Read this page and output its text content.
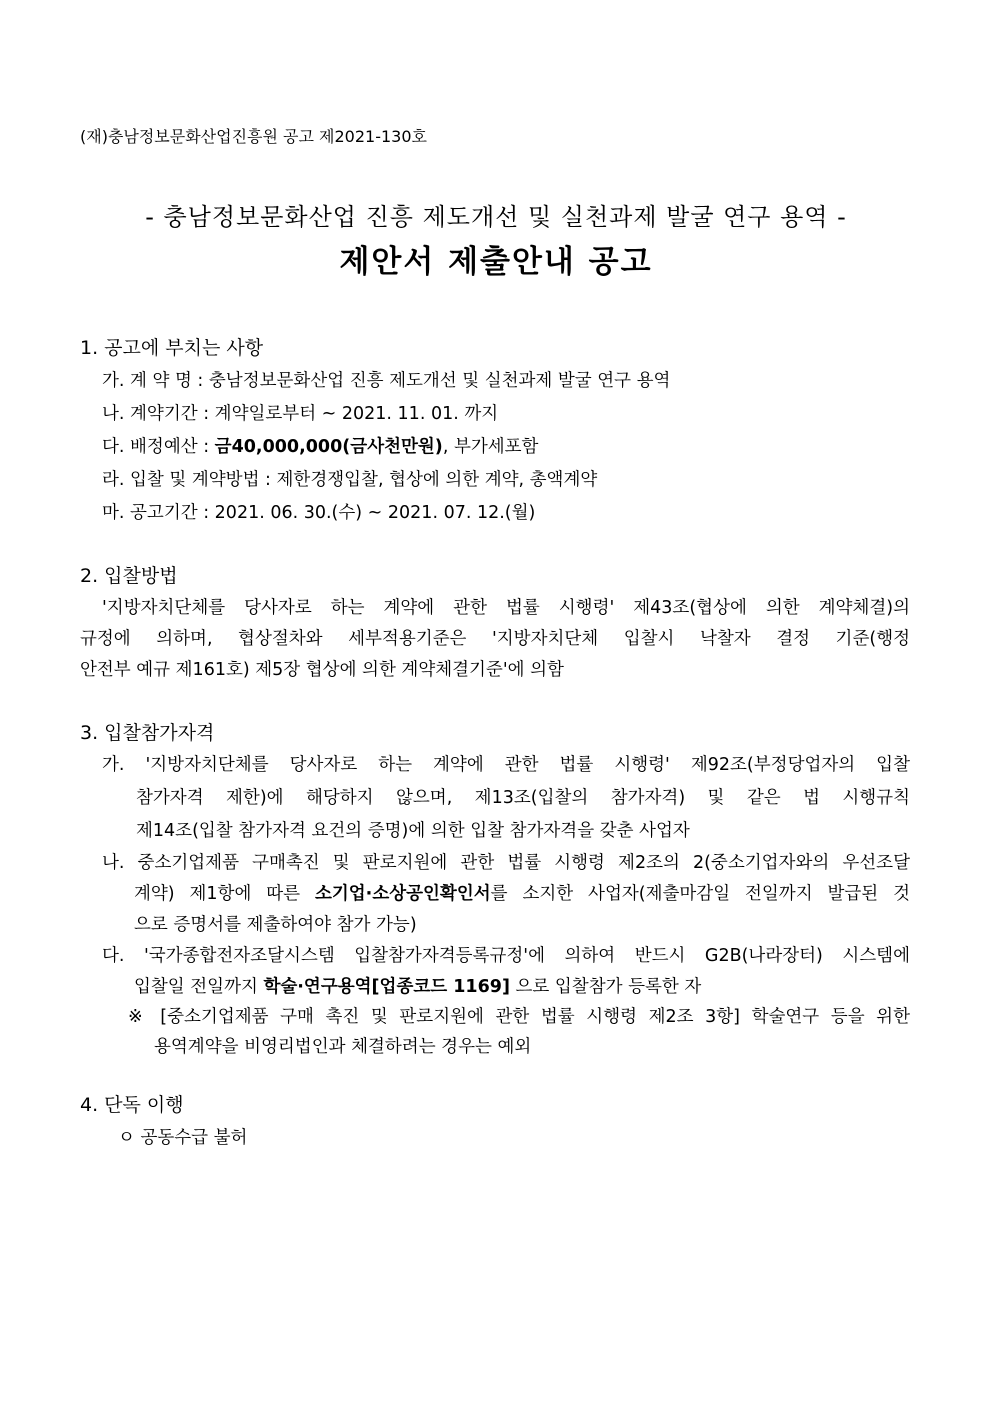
(재)충남정보문화산업진흥원 공고 제2021-130호
- 충남정보문화산업 진흥 제도개선 및 실천과제 발굴 연구 용역 -
제안서 제출안내 공고
1. 공고에 부치는 사항
가. 계 약 명 : 충남정보문화산업 진흥 제도개선 및 실천과제 발굴 연구 용역
나. 계약기간 : 계약일로부터 ~ 2021. 11. 01. 까지
다. 배정예산 : 금40,000,000(금사천만원), 부가세포함
라. 입찰 및 계약방법 : 제한경쟁입찰, 협상에 의한 계약, 총액계약
마. 공고기간 : 2021. 06. 30.(수) ~ 2021. 07. 12.(월)
2. 입찰방법
'지방자치단체를 당사자로 하는 계약에 관한 법률 시행령' 제43조(협상에 의한 계약체결)의
규정에 의하며, 협상절차와 세부적용기준은 '지방자치단체 입찰시 낙찰자 결정 기준(행정
안전부 예규 제161호) 제5장 협상에 의한 계약체결기준'에 의함
3. 입찰참가자격
가. '지방자치단체를 당사자로 하는 계약에 관한 법률 시행령' 제92조(부정당업자의 입찰
참가자격 제한)에 해당하지 않으며, 제13조(입찰의 참가자격) 및 같은 법 시행규칙
제14조(입찰 참가자격 요건의 증명)에 의한 입찰 참가자격을 갖춘 사업자
나. 중소기업제품 구매촉진 및 판로지원에 관한 법률 시행령 제2조의 2(중소기업자와의 우선조달
계약) 제1항에 따른 소기업·소상공인확인서를 소지한 사업자(제출마감일 전일까지 발급된 것
으로 증명서를 제출하여야 참가 가능)
다. '국가종합전자조달시스템 입찰참가자격등록규정'에 의하여 반드시 G2B(나라장터) 시스템에
입찰일 전일까지 학술·연구용역[업종코드 1169] 으로 입찰참가 등록한 자
※ [중소기업제품 구매 촉진 및 판로지원에 관한 법률 시행령 제2조 3항] 학술연구 등을 위한
용역계약을 비영리법인과 체결하려는 경우는 예외
4. 단독 이행
ㅇ 공동수급 불허
